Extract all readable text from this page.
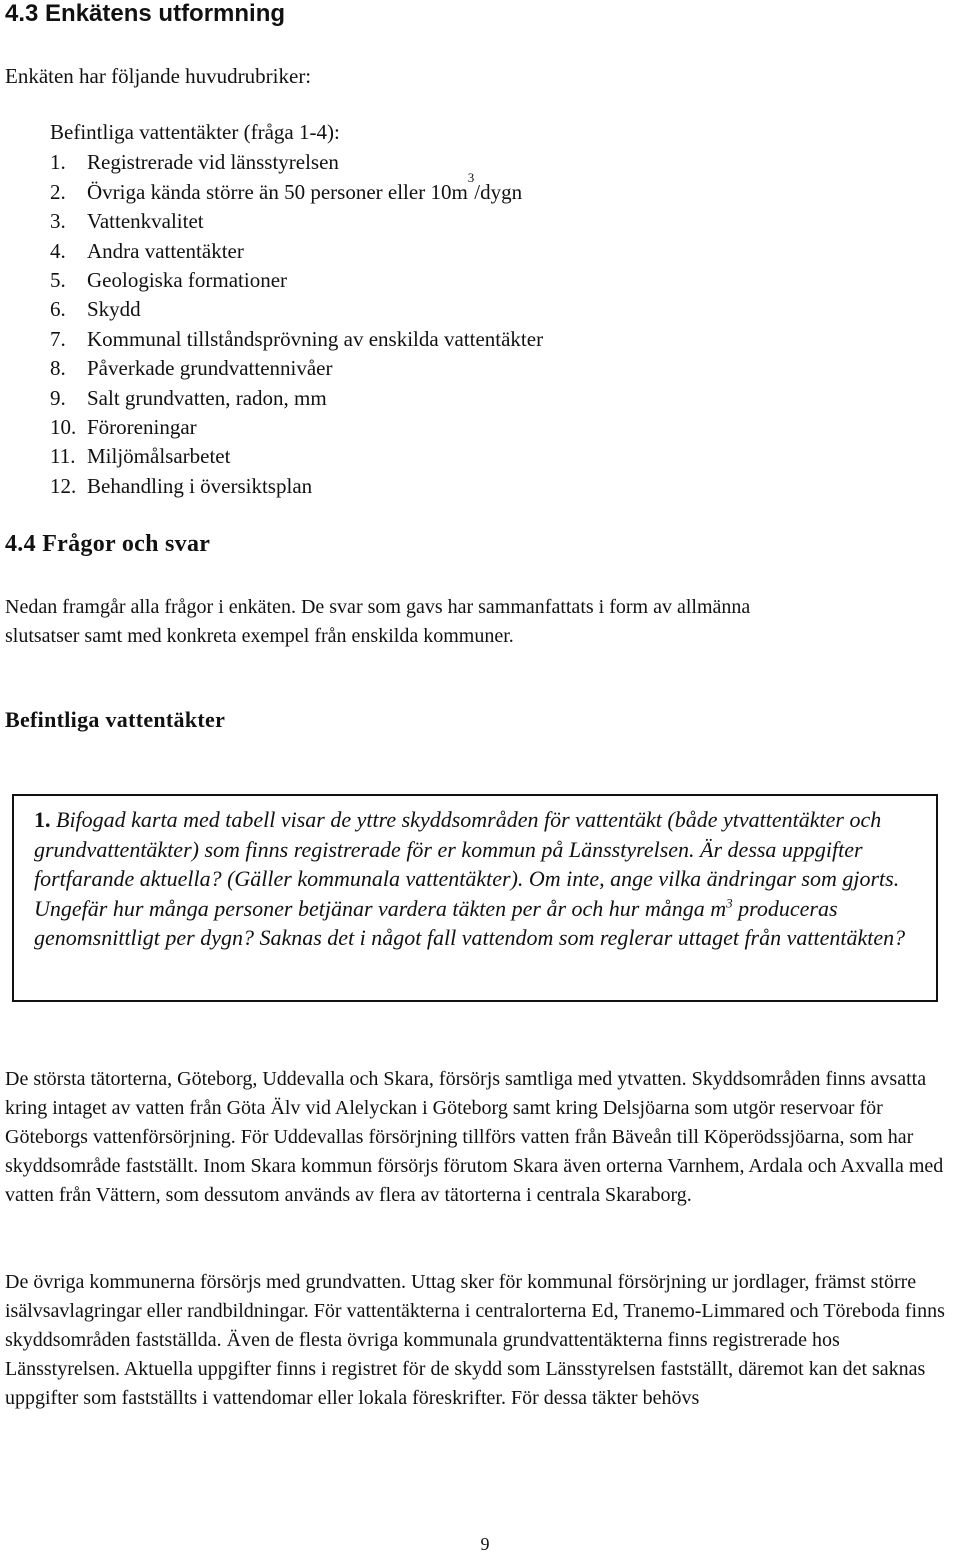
4.3 Enkätens utformning

Enkäten har följande huvudrubriker:

Befintliga vattentäkter (fråga 1-4):

1.	Registrerade vid länsstyrelsen
2.	Övriga kända större än 50 personer eller 10m
3
/dygn
3.	Vattenkvalitet
4.	Andra vattentäkter
5.	Geologiska formationer
6.	Skydd
7.	Kommunal tillståndsprövning av enskilda vattentäkter
8.	Påverkade grundvattennivåer
9.	Salt grundvatten, radon, mm
10. Föroreningar
11. Miljömålsarbetet
12. Behandling i översiktsplan
4.4 Frågor och svar

Nedan framgår alla frågor i enkäten. De svar som gavs har sammanfattats i form av allmänna

slutsatser samt med konkreta exempel från enskilda kommuner.

Befintliga vattentäkter

1. Bifogad karta med tabell visar de yttre skyddsområden för vattentäkt (både ytvattentäkter och grundvattentäkter) som finns registrerade för er kommun på Länsstyrelsen. Är dessa uppgifter fortfarande aktuella? (Gäller kommunala vattentäkter). Om inte, ange vilka ändringar som gjorts. Ungefär hur många personer betjänar vardera täkten per år och hur många $m^3$ produceras genomsnittligt per dygn? Saknas det i något fall vattendom som reglerar uttaget från vattentäkten?

De största tätorterna, Göteborg, Uddevalla och Skara, försörjs samtliga med ytvatten. Skyddsområden finns avsatta kring intaget av vatten från Göta Älv vid Alelyckan i Göteborg samt kring Delsjöarna som utgör reservoar för Göteborgs vattenförsörjning. För Uddevallas försörjning tillförs vatten från Bäveån till Köperödssjöarna, som har skyddsområde fastställt. Inom Skara kommun försörjs förutom Skara även orterna Varnhem, Ardala och Axvalla med vatten från Vättern, som dessutom används av flera av tätorterna i centrala Skaraborg.

De övriga kommunerna försörjs med grundvatten. Uttag sker för kommunal försörjning ur jordlager, främst större isälvsavlagringar eller randbildningar. För vattentäkterna i centralorterna Ed, Tranemo-Limmared och Töreboda finns skyddsområden fastställda. Även de flesta övriga kommunala grundvattentäkterna finns registrerade hos Länsstyrelsen. Aktuella uppgifter finns i registret för de skydd som Länsstyrelsen fastställt, däremot kan det saknas uppgifter som fastställts i vattendomar eller lokala föreskrifter. För dessa täkter behövs

9
